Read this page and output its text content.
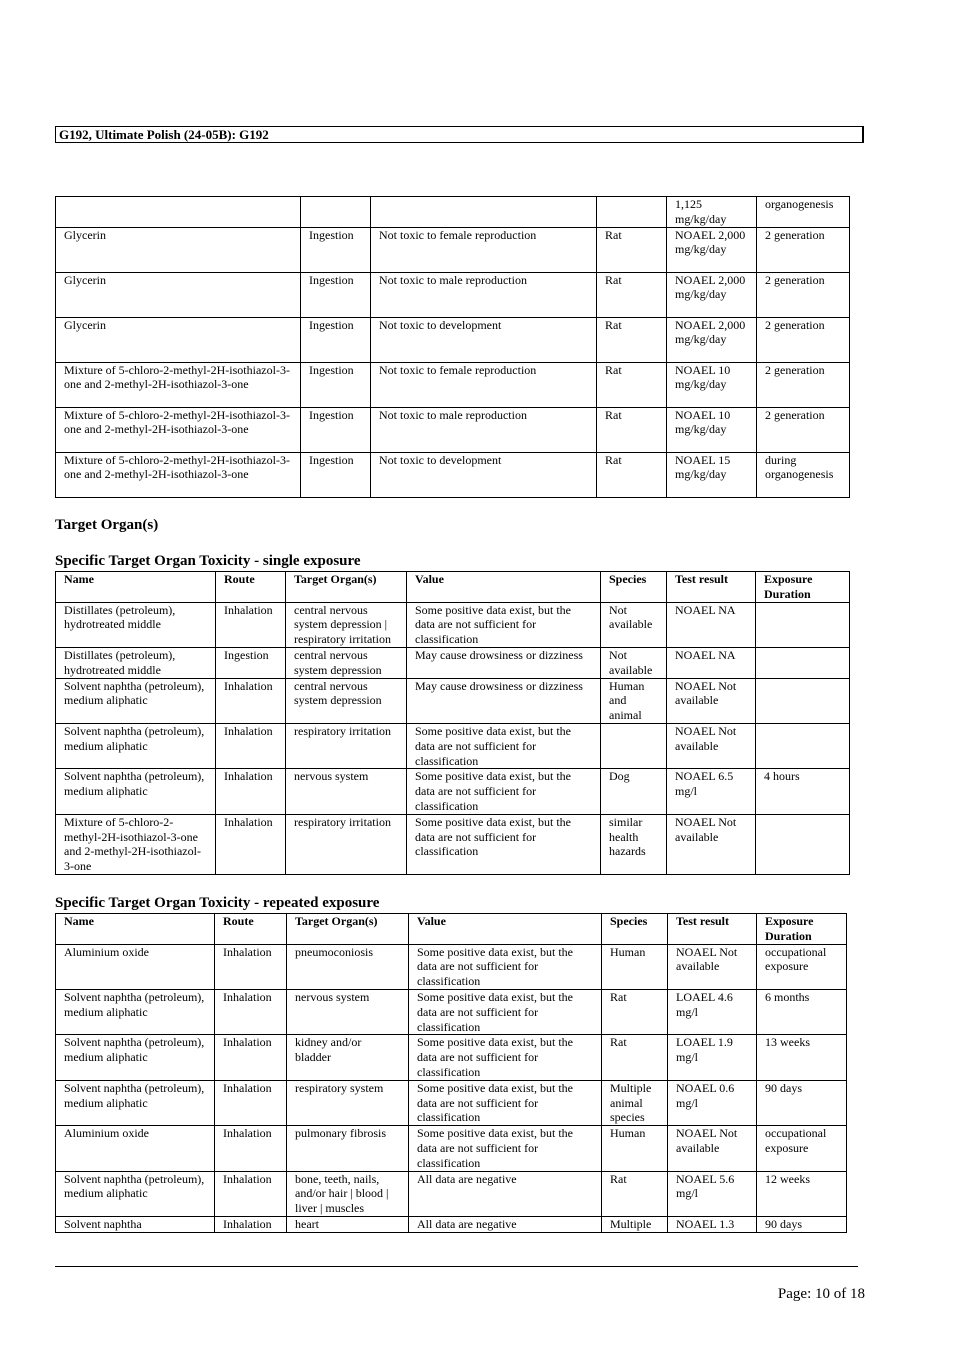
G192, Ultimate Polish (24-05B): G192
				1,125 mg/kg/day	organogenesis
Glycerin	Ingestion	Not toxic to female reproduction	Rat	NOAEL 2,000 mg/kg/day	2 generation
Glycerin	Ingestion	Not toxic to male reproduction	Rat	NOAEL 2,000 mg/kg/day	2 generation
Glycerin	Ingestion	Not toxic to development	Rat	NOAEL 2,000 mg/kg/day	2 generation
Mixture of 5-chloro-2-methyl-2H-isothiazol-3-one and 2-methyl-2H-isothiazol-3-one	Ingestion	Not toxic to female reproduction	Rat	NOAEL 10 mg/kg/day	2 generation
Mixture of 5-chloro-2-methyl-2H-isothiazol-3-one and 2-methyl-2H-isothiazol-3-one	Ingestion	Not toxic to male reproduction	Rat	NOAEL 10 mg/kg/day	2 generation
Mixture of 5-chloro-2-methyl-2H-isothiazol-3-one and 2-methyl-2H-isothiazol-3-one	Ingestion	Not toxic to development	Rat	NOAEL 15 mg/kg/day	during organogenesis
Target Organ(s)
Specific Target Organ Toxicity - single exposure
Name	Route	Target Organ(s)	Value	Species	Test result	Exposure Duration
Distillates (petroleum), hydrotreated middle	Inhalation	central nervous system depression | respiratory irritation	Some positive data exist, but the data are not sufficient for classification	Not available	NOAEL NA	
Distillates (petroleum), hydrotreated middle	Ingestion	central nervous system depression	May cause drowsiness or dizziness	Not available	NOAEL NA	
Solvent naphtha (petroleum), medium aliphatic	Inhalation	central nervous system depression	May cause drowsiness or dizziness	Human and animal	NOAEL Not available	
Solvent naphtha (petroleum), medium aliphatic	Inhalation	respiratory irritation	Some positive data exist, but the data are not sufficient for classification		NOAEL Not available	
Solvent naphtha (petroleum), medium aliphatic	Inhalation	nervous system	Some positive data exist, but the data are not sufficient for classification	Dog	NOAEL 6.5 mg/l	4 hours
Mixture of 5-chloro-2-methyl-2H-isothiazol-3-one and 2-methyl-2H-isothiazol-3-one	Inhalation	respiratory irritation	Some positive data exist, but the data are not sufficient for classification	similar health hazards	NOAEL Not available	
Specific Target Organ Toxicity - repeated exposure
Name	Route	Target Organ(s)	Value	Species	Test result	Exposure Duration
Aluminium oxide	Inhalation	pneumoconiosis	Some positive data exist, but the data are not sufficient for classification	Human	NOAEL Not available	occupational exposure
Solvent naphtha (petroleum), medium aliphatic	Inhalation	nervous system	Some positive data exist, but the data are not sufficient for classification	Rat	LOAEL 4.6 mg/l	6 months
Solvent naphtha (petroleum), medium aliphatic	Inhalation	kidney and/or bladder	Some positive data exist, but the data are not sufficient for classification	Rat	LOAEL 1.9 mg/l	13 weeks
Solvent naphtha (petroleum), medium aliphatic	Inhalation	respiratory system	Some positive data exist, but the data are not sufficient for classification	Multiple animal species	NOAEL 0.6 mg/l	90 days
Aluminium oxide	Inhalation	pulmonary fibrosis	Some positive data exist, but the data are not sufficient for classification	Human	NOAEL Not available	occupational exposure
Solvent naphtha (petroleum), medium aliphatic	Inhalation	bone, teeth, nails, and/or hair | blood | liver | muscles	All data are negative	Rat	NOAEL 5.6 mg/l	12 weeks
Solvent naphtha	Inhalation	heart	All data are negative	Multiple	NOAEL 1.3	90 days
Page: 10 of 18
